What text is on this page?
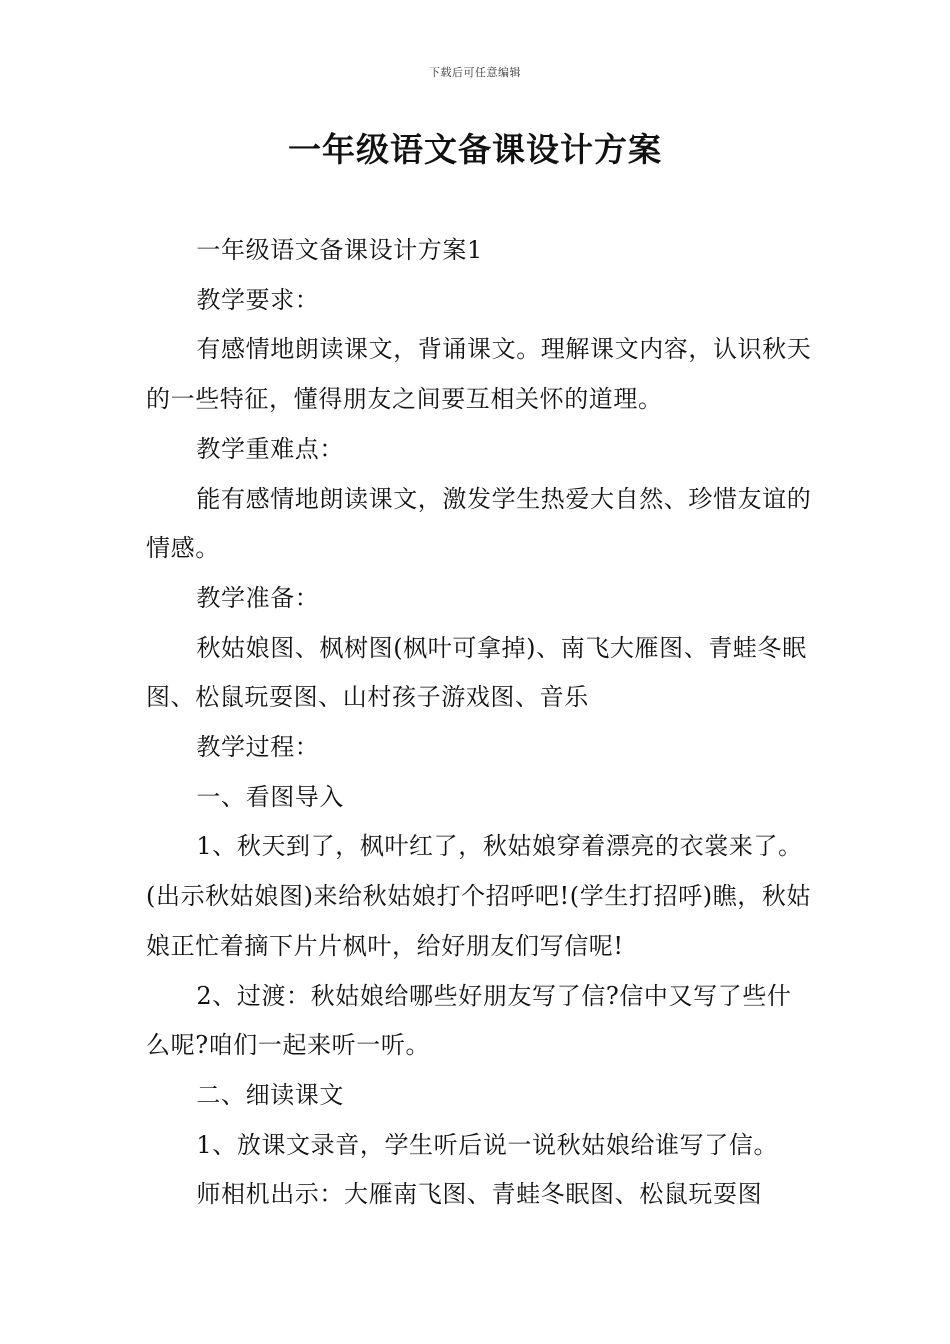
下载后可任意编辑
一年级语文备课设计方案

一年级语文备课设计方案1

教学要求：

有感情地朗读课文，背诵课文。理解课文内容，认识秋天的一些特征，懂得朋友之间要互相关怀的道理。

教学重难点：

能有感情地朗读课文，激发学生热爱大自然、珍惜友谊的情感。

教学准备：

秋姑娘图、枫树图(枫叶可拿掉)、南飞大雁图、青蛙冬眠图、松鼠玩耍图、山村孩子游戏图、音乐

教学过程：

一、看图导入

1、秋天到了，枫叶红了，秋姑娘穿着漂亮的衣裳来了。(出示秋姑娘图)来给秋姑娘打个招呼吧!(学生打招呼)瞧，秋姑娘正忙着摘下片片枫叶，给好朋友们写信呢!

2、过渡：秋姑娘给哪些好朋友写了信?信中又写了些什么呢?咱们一起来听一听。

二、细读课文

1、放课文录音，学生听后说一说秋姑娘给谁写了信。

师相机出示：大雁南飞图、青蛙冬眠图、松鼠玩耍图
